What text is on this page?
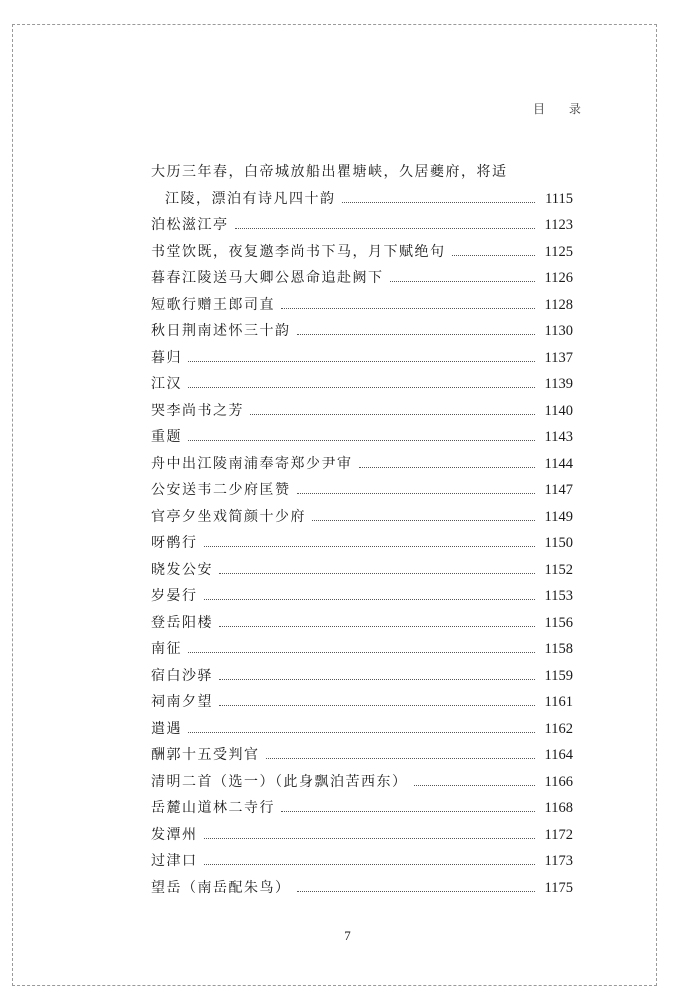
目 录
大历三年春，白帝城放船出瞿塘峡，久居夔府，将适
江陵，漂泊有诗凡四十韵	1115
泊松滋江亭	1123
书堂饮既，夜复邀李尚书下马，月下赋绝句	1125
暮春江陵送马大卿公恩命追赴阙下	1126
短歌行赠王郎司直	1128
秋日荆南述怀三十韵	1130
暮归	1137
江汉	1139
哭李尚书之芳	1140
重题	1143
舟中出江陵南浦奉寄郑少尹审	1144
公安送韦二少府匡赞	1147
官亭夕坐戏简颜十少府	1149
呀鹘行	1150
晓发公安	1152
岁晏行	1153
登岳阳楼	1156
南征	1158
宿白沙驿	1159
祠南夕望	1161
遣遇	1162
酬郭十五受判官	1164
清明二首（选一）（此身飘泊苦西东）	1166
岳麓山道林二寺行	1168
发潭州	1172
过津口	1173
望岳（南岳配朱鸟）	1175
7
